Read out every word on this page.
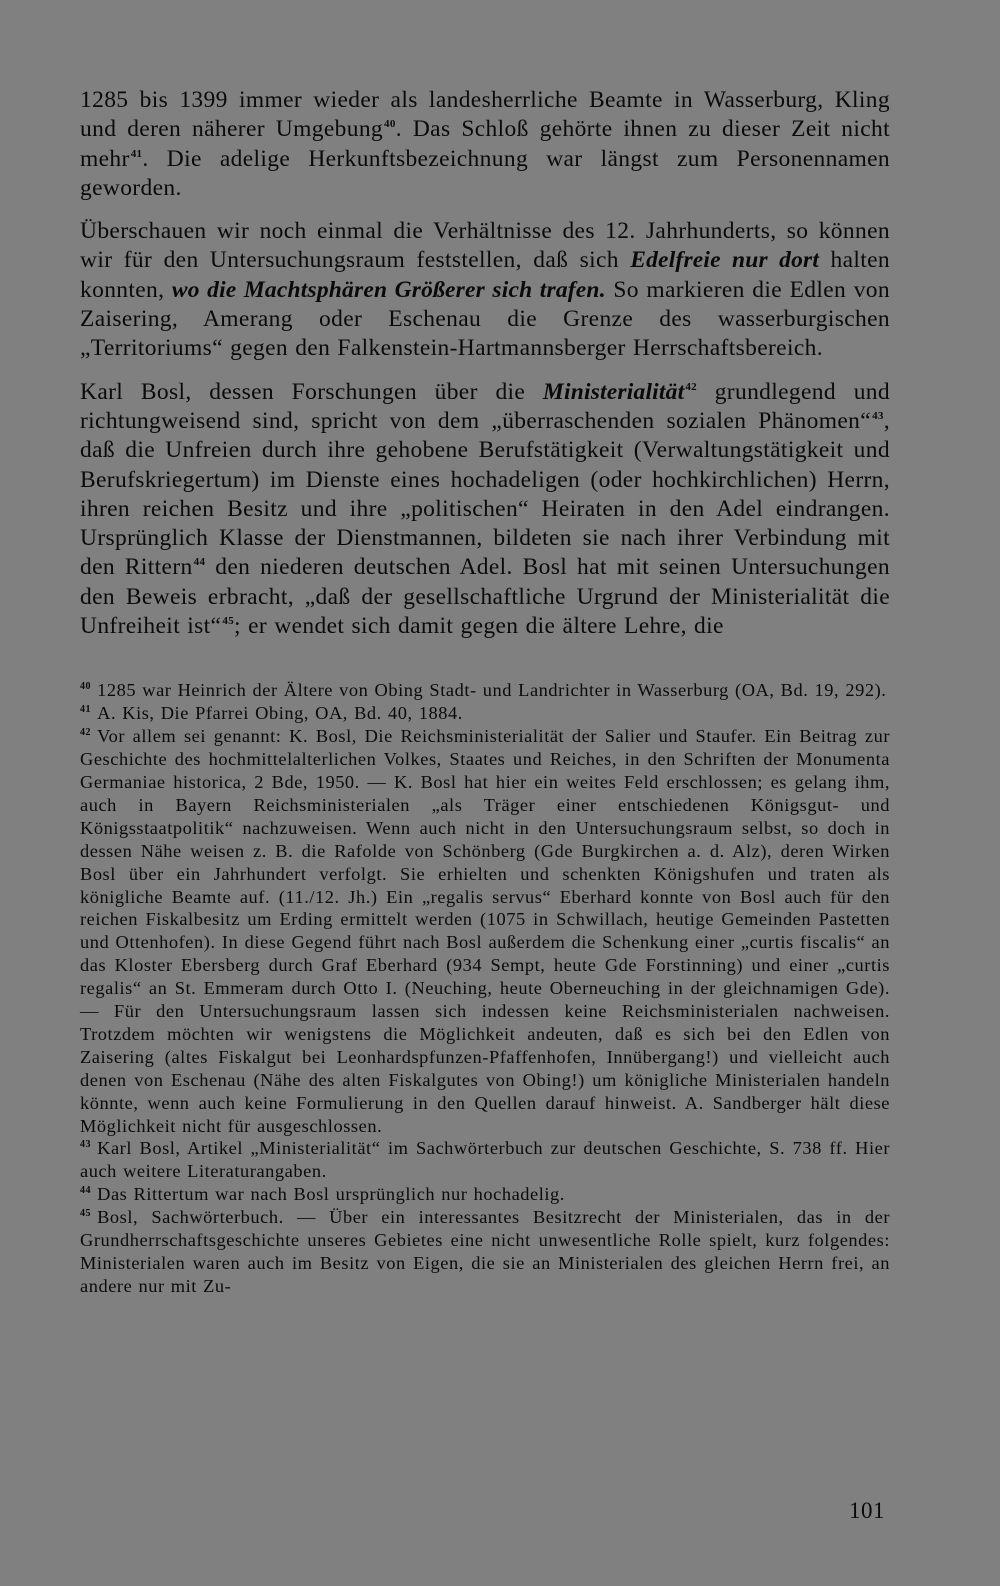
1285 bis 1399 immer wieder als landesherrliche Beamte in Wasserburg, Kling und deren näherer Umgebung$^{40}$. Das Schloß gehörte ihnen zu dieser Zeit nicht mehr$^{41}$. Die adelige Herkunftsbezeichnung war längst zum Personennamen geworden.

Überschauen wir noch einmal die Verhältnisse des 12. Jahrhunderts, so können wir für den Untersuchungsraum feststellen, daß sich Edelfreie nur dort halten konnten, wo die Machtsphären Größerer sich trafen. So markieren die Edlen von Zaisering, Amerang oder Eschenau die Grenze des wasserburgischen „Territoriums“ gegen den Falkenstein-Hartmannsberger Herrschaftsbereich.

Karl Bosl, dessen Forschungen über die Ministerialität$^{42}$ grundlegend und richtungweisend sind, spricht von dem „überraschenden sozialen Phänomen“$^{43}$, daß die Unfreien durch ihre gehobene Berufstätigkeit (Verwaltungstätigkeit und Berufskriegertum) im Dienste eines hochadeligen (oder hochkirchlichen) Herrn, ihren reichen Besitz und ihre „politischen“ Heiraten in den Adel eindrangen. Ursprünglich Klasse der Dienstmannen, bildeten sie nach ihrer Verbindung mit den Rittern$^{44}$ den niederen deutschen Adel. Bosl hat mit seinen Untersuchungen den Beweis erbracht, „daß der gesellschaftliche Urgrund der Ministerialität die Unfreiheit ist“$^{45}$; er wendet sich damit gegen die ältere Lehre, die

$^{40}$ 1285 war Heinrich der Ältere von Obing Stadt- und Landrichter in Wasserburg (OA, Bd. 19, 292).

$^{41}$ A. Kis, Die Pfarrei Obing, OA, Bd. 40, 1884.

$^{42}$ Vor allem sei genannt: K. Bosl, Die Reichsministerialität der Salier und Staufer. Ein Beitrag zur Geschichte des hochmittelalterlichen Volkes, Staates und Reiches, in den Schriften der Monumenta Germaniae historica, 2 Bde, 1950. — K. Bosl hat hier ein weites Feld erschlossen; es gelang ihm, auch in Bayern Reichsministerialen „als Träger einer entschiedenen Königsgut- und Königsstaatpolitik“ nachzuweisen. Wenn auch nicht in den Untersuchungsraum selbst, so doch in dessen Nähe weisen z. B. die Rafolde von Schönberg (Gde Burgkirchen a. d. Alz), deren Wirken Bosl über ein Jahrhundert verfolgt. Sie erhielten und schenkten Königshufen und traten als königliche Beamte auf. (11./12. Jh.) Ein „regalis servus“ Eberhard konnte von Bosl auch für den reichen Fiskalbesitz um Erding ermittelt werden (1075 in Schwillach, heutige Gemeinden Pastetten und Ottenhofen). In diese Gegend führt nach Bosl außerdem die Schenkung einer „curtis fiscalis“ an das Kloster Ebersberg durch Graf Eberhard (934 Sempt, heute Gde Forstinning) und einer „curtis regalis“ an St. Emmeram durch Otto I. (Neuching, heute Oberneuching in der gleichnamigen Gde). — Für den Untersuchungsraum lassen sich indessen keine Reichsministerialen nachweisen. Trotzdem möchten wir wenigstens die Möglichkeit andeuten, daß es sich bei den Edlen von Zaisering (altes Fiskalgut bei Leonhardspfunzen-Pfaffenhofen, Innübergang!) und vielleicht auch denen von Eschenau (Nähe des alten Fiskalgutes von Obing!) um königliche Ministerialen handeln könnte, wenn auch keine Formulierung in den Quellen darauf hinweist. A. Sandberger hält diese Möglichkeit nicht für ausgeschlossen.

$^{43}$ Karl Bosl, Artikel „Ministerialität“ im Sachwörterbuch zur deutschen Geschichte, S. 738 ff. Hier auch weitere Literaturangaben.

$^{44}$ Das Rittertum war nach Bosl ursprünglich nur hochadelig.

$^{45}$ Bosl, Sachwörterbuch. — Über ein interessantes Besitzrecht der Ministerialen, das in der Grundherrschaftsgeschichte unseres Gebietes eine nicht unwesentliche Rolle spielt, kurz folgendes: Ministerialen waren auch im Besitz von Eigen, die sie an Ministerialen des gleichen Herrn frei, an andere nur mit Zu-

101
